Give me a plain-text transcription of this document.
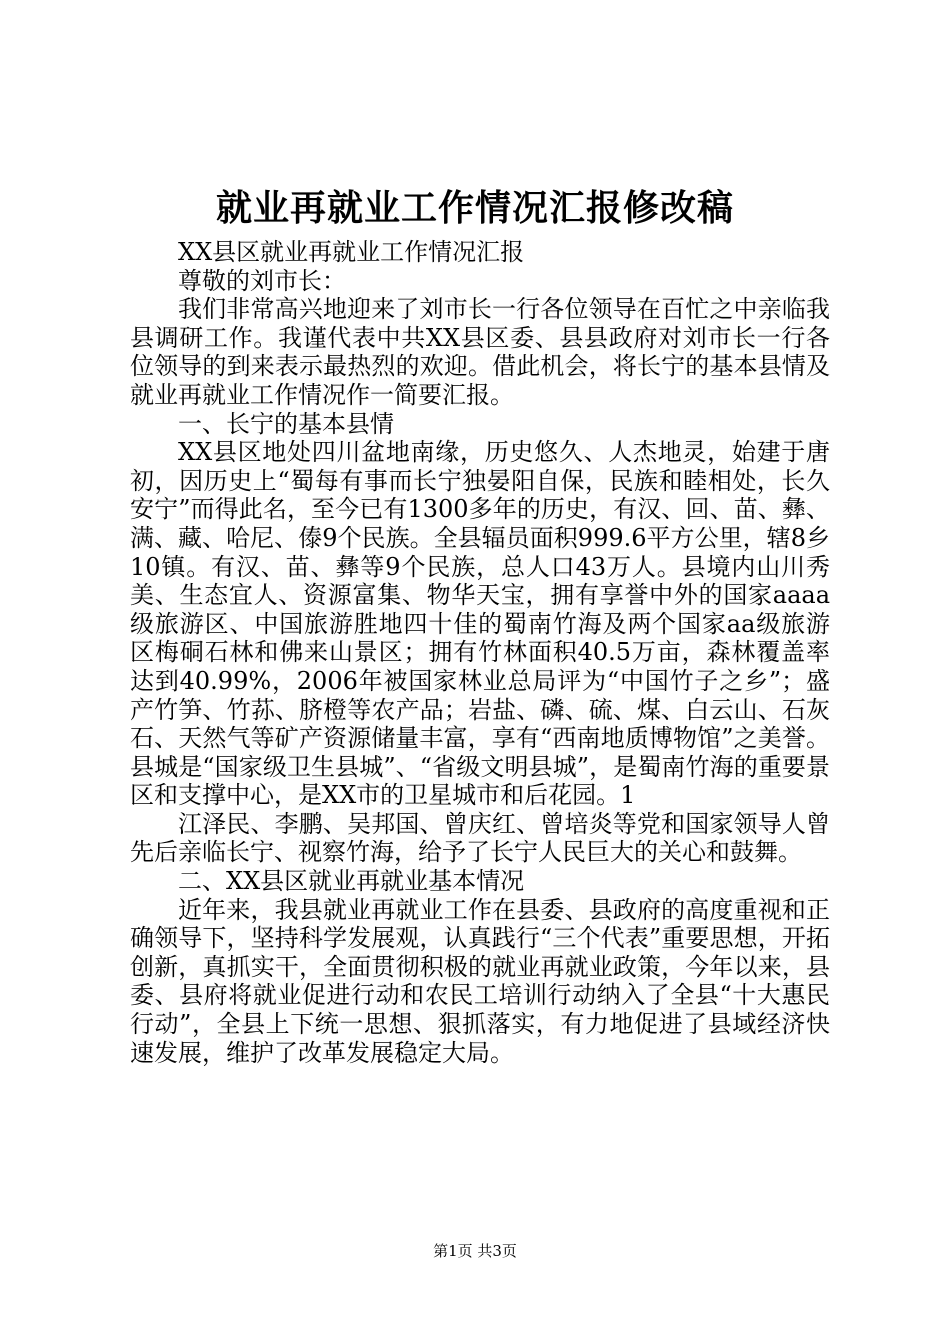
就业再就业工作情况汇报修改稿

XX县区就业再就业工作情况汇报

尊敬的刘市长：

我们非常高兴地迎来了刘市长一行各位领导在百忙之中亲临我县调研工作。我谨代表中共XX县区委、县县政府对刘市长一行各位领导的到来表示最热烈的欢迎。借此机会，将长宁的基本县情及就业再就业工作情况作一简要汇报。

一、长宁的基本县情

XX县区地处四川盆地南缘，历史悠久、人杰地灵，始建于唐初，因历史上“蜀每有事而长宁独晏阳自保，民族和睦相处，长久安宁”而得此名，至今已有1300多年的历史，有汉、回、苗、彝、满、藏、哈尼、傣9个民族。全县辐员面积999.6平方公里，辖8乡10镇。有汉、苗、彝等9个民族，总人口43万人。县境内山川秀美、生态宜人、资源富集、物华天宝，拥有享誉中外的国家aaaa级旅游区、中国旅游胜地四十佳的蜀南竹海及两个国家aa级旅游区梅硐石林和佛来山景区；拥有竹林面积40.5万亩，森林覆盖率达到40.99%，2006年被国家林业总局评为“中国竹子之乡”；盛产竹笋、竹荪、脐橙等农产品；岩盐、磷、硫、煤、白云山、石灰石、天然气等矿产资源储量丰富，享有“西南地质博物馆”之美誉。县城是“国家级卫生县城”、“省级文明县城”，是蜀南竹海的重要景区和支撑中心，是XX市的卫星城市和后花园。1

江泽民、李鹏、吴邦国、曾庆红、曾培炎等党和国家领导人曾先后亲临长宁、视察竹海，给予了长宁人民巨大的关心和鼓舞。

二、XX县区就业再就业基本情况

近年来，我县就业再就业工作在县委、县政府的高度重视和正确领导下，坚持科学发展观，认真践行“三个代表”重要思想，开拓创新，真抓实干，全面贯彻积极的就业再就业政策，今年以来，县委、县府将就业促进行动和农民工培训行动纳入了全县“十大惠民行动”，全县上下统一思想、狠抓落实，有力地促进了县域经济快速发展，维护了改革发展稳定大局。

第1页 共3页
